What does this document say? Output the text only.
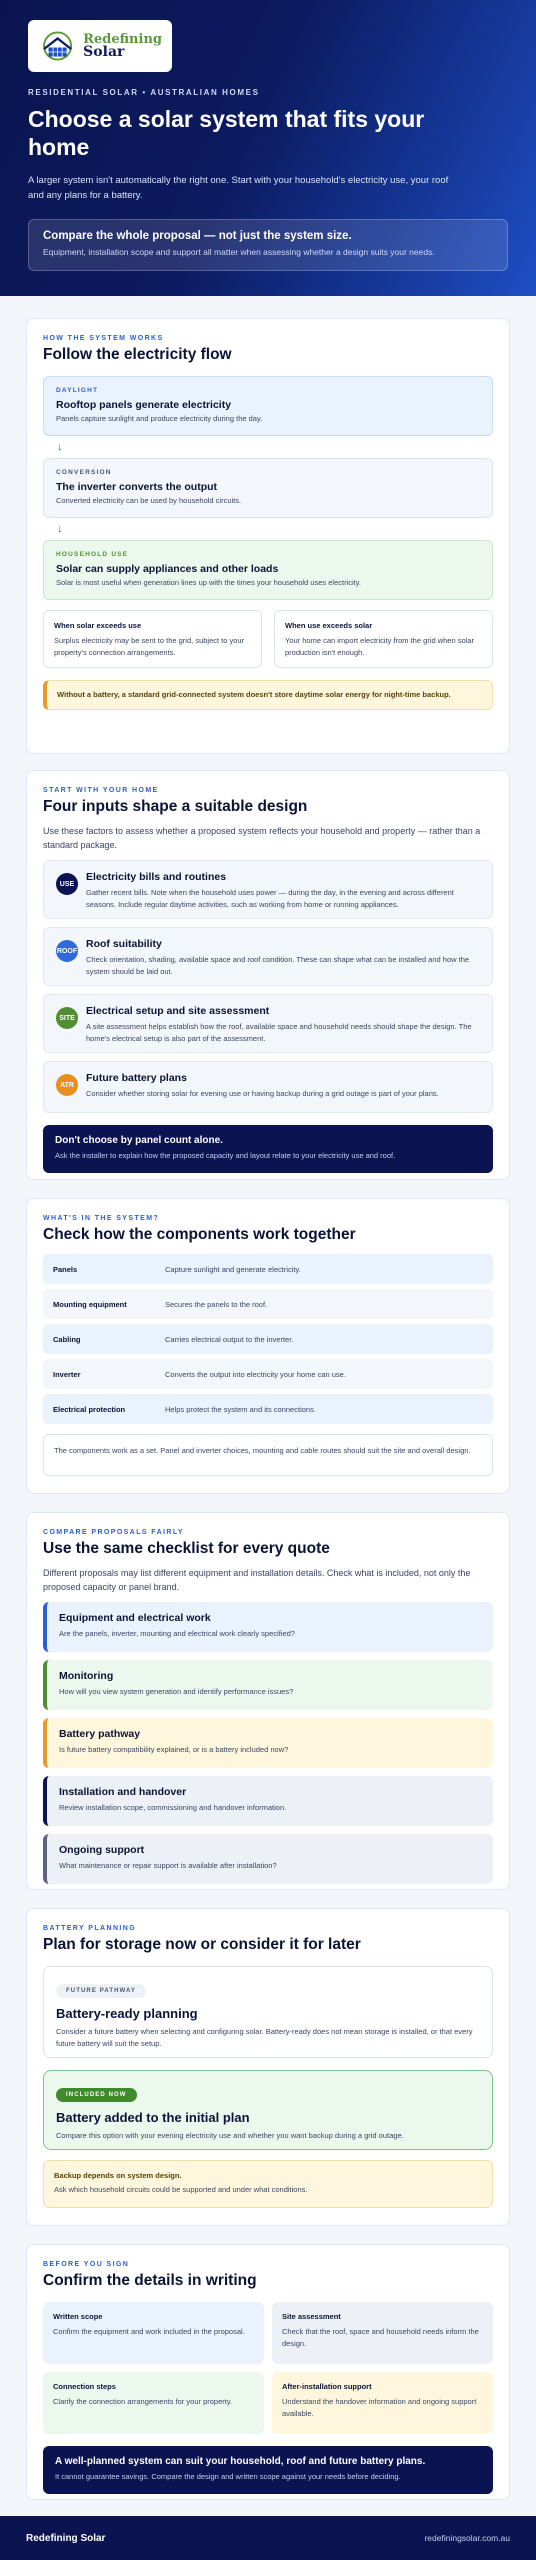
Redefining
Solar
RESIDENTIAL SOLAR • AUSTRALIAN HOMES
Choose a solar system that fits your home

A larger system isn't automatically the right one. Start with your household's electricity use, your roof and any plans for a battery.

Compare the whole proposal — not just the system size.
Equipment, installation scope and support all matter when assessing whether a design suits your needs.
HOW THE SYSTEM WORKS
Follow the electricity flow
DAYLIGHT
Rooftop panels generate electricity
Panels capture sunlight and produce electricity during the day.
↓
CONVERSION
The inverter converts the output
Converted electricity can be used by household circuits.
↓
HOUSEHOLD USE
Solar can supply appliances and other loads
Solar is most useful when generation lines up with the times your household uses electricity.
When solar exceeds use
Surplus electricity may be sent to the grid, subject to your property's connection arrangements.
When use exceeds solar
Your home can import electricity from the grid when solar production isn't enough.
Without a battery, a standard grid-connected system doesn't store daytime solar energy for night-time backup.
START WITH YOUR HOME
Four inputs shape a suitable design

Use these factors to assess whether a proposed system reflects your household and property — rather than a standard package.

USE
Electricity bills and routines
Gather recent bills. Note when the household uses power — during the day, in the evening and across different seasons. Include regular daytime activities, such as working from home or running appliances.
ROOF
Roof suitability
Check orientation, shading, available space and roof condition. These can shape what can be installed and how the system should be laid out.
SITE
Electrical setup and site assessment
A site assessment helps establish how the roof, available space and household needs should shape the design. The home's electrical setup is also part of the assessment.
ATR
Future battery plans
Consider whether storing solar for evening use or having backup during a grid outage is part of your plans.
Don't choose by panel count alone.
Ask the installer to explain how the proposed capacity and layout relate to your electricity use and roof.
WHAT'S IN THE SYSTEM?
Check how the components work together
Panels	Capture sunlight and generate electricity.
Mounting equipment	Secures the panels to the roof.
Cabling	Carries electrical output to the inverter.
Inverter	Converts the output into electricity your home can use.
Electrical protection	Helps protect the system and its connections.
The components work as a set. Panel and inverter choices, mounting and cable routes should suit the site and overall design.
COMPARE PROPOSALS FAIRLY
Use the same checklist for every quote

Different proposals may list different equipment and installation details. Check what is included, not only the proposed capacity or panel brand.

Equipment and electrical work
Are the panels, inverter, mounting and electrical work clearly specified?
Monitoring
How will you view system generation and identify performance issues?
Battery pathway
Is future battery compatibility explained, or is a battery included now?
Installation and handover
Review installation scope, commissioning and handover information.
Ongoing support
What maintenance or repair support is available after installation?
BATTERY PLANNING
Plan for storage now or consider it for later
FUTURE PATHWAY
Battery-ready planning
Consider a future battery when selecting and configuring solar. Battery-ready does not mean storage is installed, or that every future battery will suit the setup.
INCLUDED NOW
Battery added to the initial plan
Compare this option with your evening electricity use and whether you want backup during a grid outage.
Backup depends on system design.
Ask which household circuits could be supported and under what conditions.
BEFORE YOU SIGN
Confirm the details in writing
Written scope
Confirm the equipment and work included in the proposal.
Site assessment
Check that the roof, space and household needs inform the design.
Connection steps
Clarify the connection arrangements for your property.
After-installation support
Understand the handover information and ongoing support available.
A well-planned system can suit your household, roof and future battery plans.
It cannot guarantee savings. Compare the design and written scope against your needs before deciding.
Redefining Solar	redefiningsolar.com.au
